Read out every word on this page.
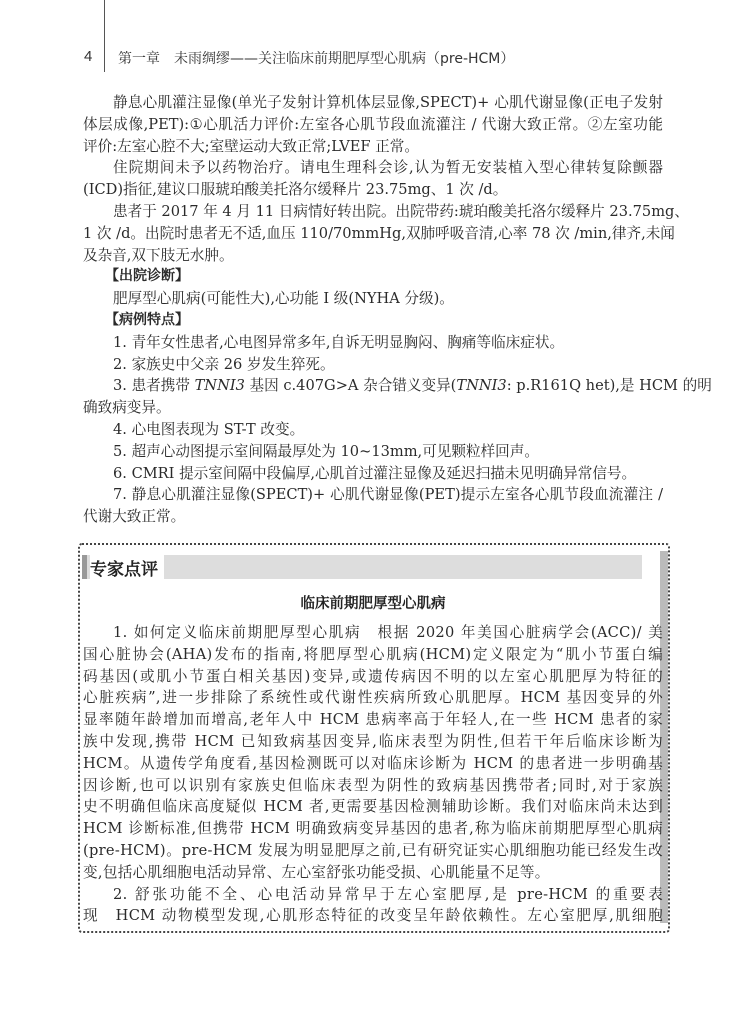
4 第一章　未雨绸缪——关注临床前期肥厚型心肌病（pre-HCM）
静息心肌灌注显像(单光子发射计算机体层显像,SPECT)+ 心肌代谢显像(正电子发射
体层成像,PET):①心肌活力评价:左室各心肌节段血流灌注 / 代谢大致正常。②左室功能
评价:左室心腔不大;室壁运动大致正常;LVEF 正常。
住院期间未予以药物治疗。请电生理科会诊,认为暂无安装植入型心律转复除颤器
(ICD)指征,建议口服琥珀酸美托洛尔缓释片 23.75mg、1 次 /d。
患者于 2017 年 4 月 11 日病情好转出院。出院带药:琥珀酸美托洛尔缓释片 23.75mg、
1 次 /d。出院时患者无不适,血压 110/70mmHg,双肺呼吸音清,心率 78 次 /min,律齐,未闻
及杂音,双下肢无水肿。
【出院诊断】
肥厚型心肌病(可能性大),心功能 Ⅰ 级(NYHA 分级)。
【病例特点】
1. 青年女性患者,心电图异常多年,自诉无明显胸闷、胸痛等临床症状。
2. 家族史中父亲 26 岁发生猝死。
3. 患者携带 TNNI3 基因 c.407G>A 杂合错义变异(TNNI3: p.R161Q het),是 HCM 的明
确致病变异。
4. 心电图表现为 ST-T 改变。
5. 超声心动图提示室间隔最厚处为 10~13mm,可见颗粒样回声。
6. CMRI 提示室间隔中段偏厚,心肌首过灌注显像及延迟扫描未见明确异常信号。
7. 静息心肌灌注显像(SPECT)+ 心肌代谢显像(PET)提示左室各心肌节段血流灌注 /
代谢大致正常。
专家点评
临床前期肥厚型心肌病
1. 如何定义临床前期肥厚型心肌病　根据 2020 年美国心脏病学会(ACC)/ 美
国心脏协会(AHA)发布的指南,将肥厚型心肌病(HCM)定义限定为“肌小节蛋白编
码基因(或肌小节蛋白相关基因)变异,或遗传病因不明的以左室心肌肥厚为特征的
心脏疾病”,进一步排除了系统性或代谢性疾病所致心肌肥厚。HCM 基因变异的外
显率随年龄增加而增高,老年人中 HCM 患病率高于年轻人,在一些 HCM 患者的家
族中发现,携带 HCM 已知致病基因变异,临床表型为阴性,但若干年后临床诊断为
HCM。从遗传学角度看,基因检测既可以对临床诊断为 HCM 的患者进一步明确基
因诊断,也可以识别有家族史但临床表型为阴性的致病基因携带者;同时,对于家族
史不明确但临床高度疑似 HCM 者,更需要基因检测辅助诊断。我们对临床尚未达到
HCM 诊断标准,但携带 HCM 明确致病变异基因的患者,称为临床前期肥厚型心肌病
(pre-HCM)。pre-HCM 发展为明显肥厚之前,已有研究证实心肌细胞功能已经发生改
变,包括心肌细胞电活动异常、左心室舒张功能受损、心肌能量不足等。
2. 舒张功能不全、心电活动异常早于左心室肥厚,是 pre-HCM 的重要表
现　HCM 动物模型发现,心肌形态特征的改变呈年龄依赖性。左心室肥厚,肌细胞
